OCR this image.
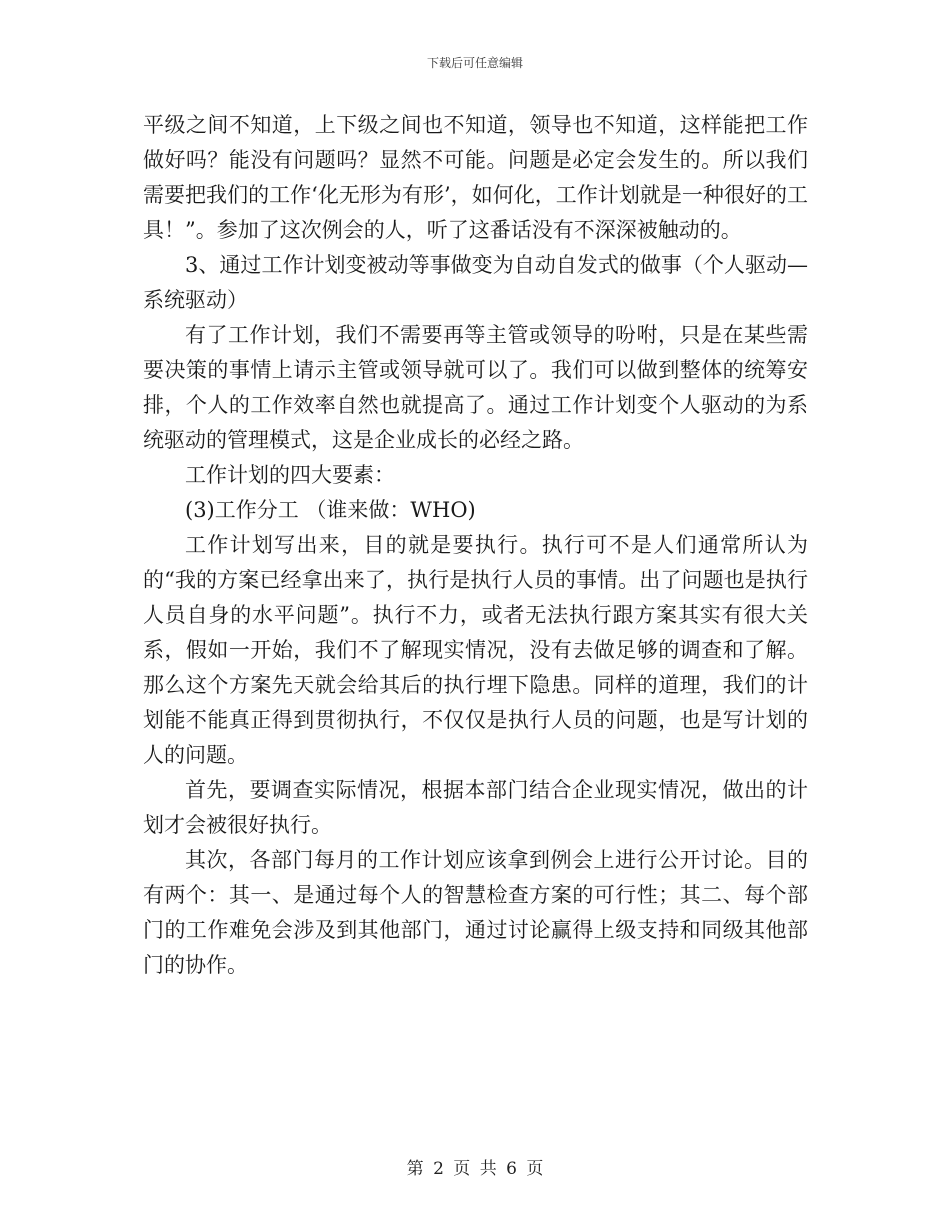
下载后可任意编辑

平级之间不知道，上下级之间也不知道，领导也不知道，这样能把工作做好吗？能没有问题吗？显然不可能。问题是必定会发生的。所以我们需要把我们的工作‘化无形为有形’，如何化，工作计划就是一种很好的工具！”。参加了这次例会的人，听了这番话没有不深深被触动的。

3、通过工作计划变被动等事做变为自动自发式的做事（个人驱动—系统驱动）

有了工作计划，我们不需要再等主管或领导的吩咐，只是在某些需要决策的事情上请示主管或领导就可以了。我们可以做到整体的统筹安排，个人的工作效率自然也就提高了。通过工作计划变个人驱动的为系统驱动的管理模式，这是企业成长的必经之路。

工作计划的四大要素：

(3)工作分工 （谁来做：WHO)

工作计划写出来，目的就是要执行。执行可不是人们通常所认为的“我的方案已经拿出来了，执行是执行人员的事情。出了问题也是执行人员自身的水平问题”。执行不力，或者无法执行跟方案其实有很大关系，假如一开始，我们不了解现实情况，没有去做足够的调查和了解。那么这个方案先天就会给其后的执行埋下隐患。同样的道理，我们的计划能不能真正得到贯彻执行，不仅仅是执行人员的问题，也是写计划的人的问题。

首先，要调查实际情况，根据本部门结合企业现实情况，做出的计划才会被很好执行。

其次，各部门每月的工作计划应该拿到例会上进行公开讨论。目的有两个：其一、是通过每个人的智慧检查方案的可行性；其二、每个部门的工作难免会涉及到其他部门，通过讨论赢得上级支持和同级其他部门的协作。

第 2 页 共 6 页
